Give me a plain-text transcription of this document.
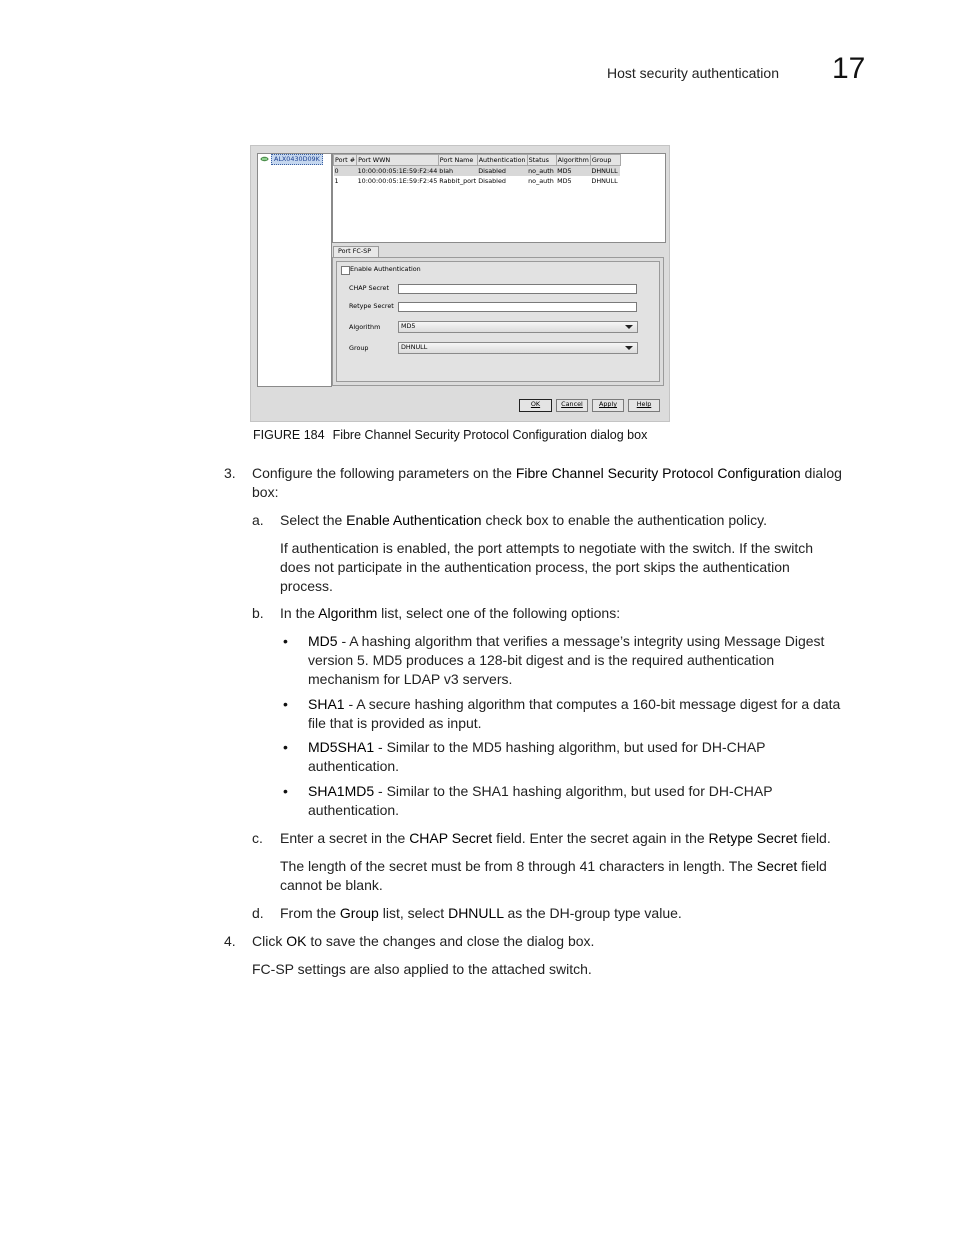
Host security authentication 17
ALX0430D09K	Port #	Port WWN	Port Name	Authentication	Status	Algorithm	Group
0	10:00:00:05:1E:59:F2:44	blah	Disabled	no_auth	MD5	DHNULL
1	10:00:00:05:1E:59:F2:45	Rabbit_port	Disabled	no_auth	MD5	DHNULL
Port FC-SP
Enable Authentication
CHAP Secret
Retype Secret
Algorithm	MD5
Group	DHNULL
OK	Cancel	Apply	Help
FIGURE 184 Fibre Channel Security Protocol Configuration dialog box
3. Configure the following parameters on the Fibre Channel Security Protocol Configuration dialog
box:
a. Select the Enable Authentication check box to enable the authentication policy.
If authentication is enabled, the port attempts to negotiate with the switch. If the switch
does not participate in the authentication process, the port skips the authentication
process.
b. In the Algorithm list, select one of the following options:
• MD5 - A hashing algorithm that verifies a message’s integrity using Message Digest
version 5. MD5 produces a 128-bit digest and is the required authentication
mechanism for LDAP v3 servers.
• SHA1 - A secure hashing algorithm that computes a 160-bit message digest for a data
file that is provided as input.
• MD5SHA1 - Similar to the MD5 hashing algorithm, but used for DH-CHAP
authentication.
• SHA1MD5 - Similar to the SHA1 hashing algorithm, but used for DH-CHAP
authentication.
c. Enter a secret in the CHAP Secret field. Enter the secret again in the Retype Secret field.
The length of the secret must be from 8 through 41 characters in length. The Secret field
cannot be blank.
d. From the Group list, select DHNULL as the DH-group type value.
4. Click OK to save the changes and close the dialog box.
FC-SP settings are also applied to the attached switch.
